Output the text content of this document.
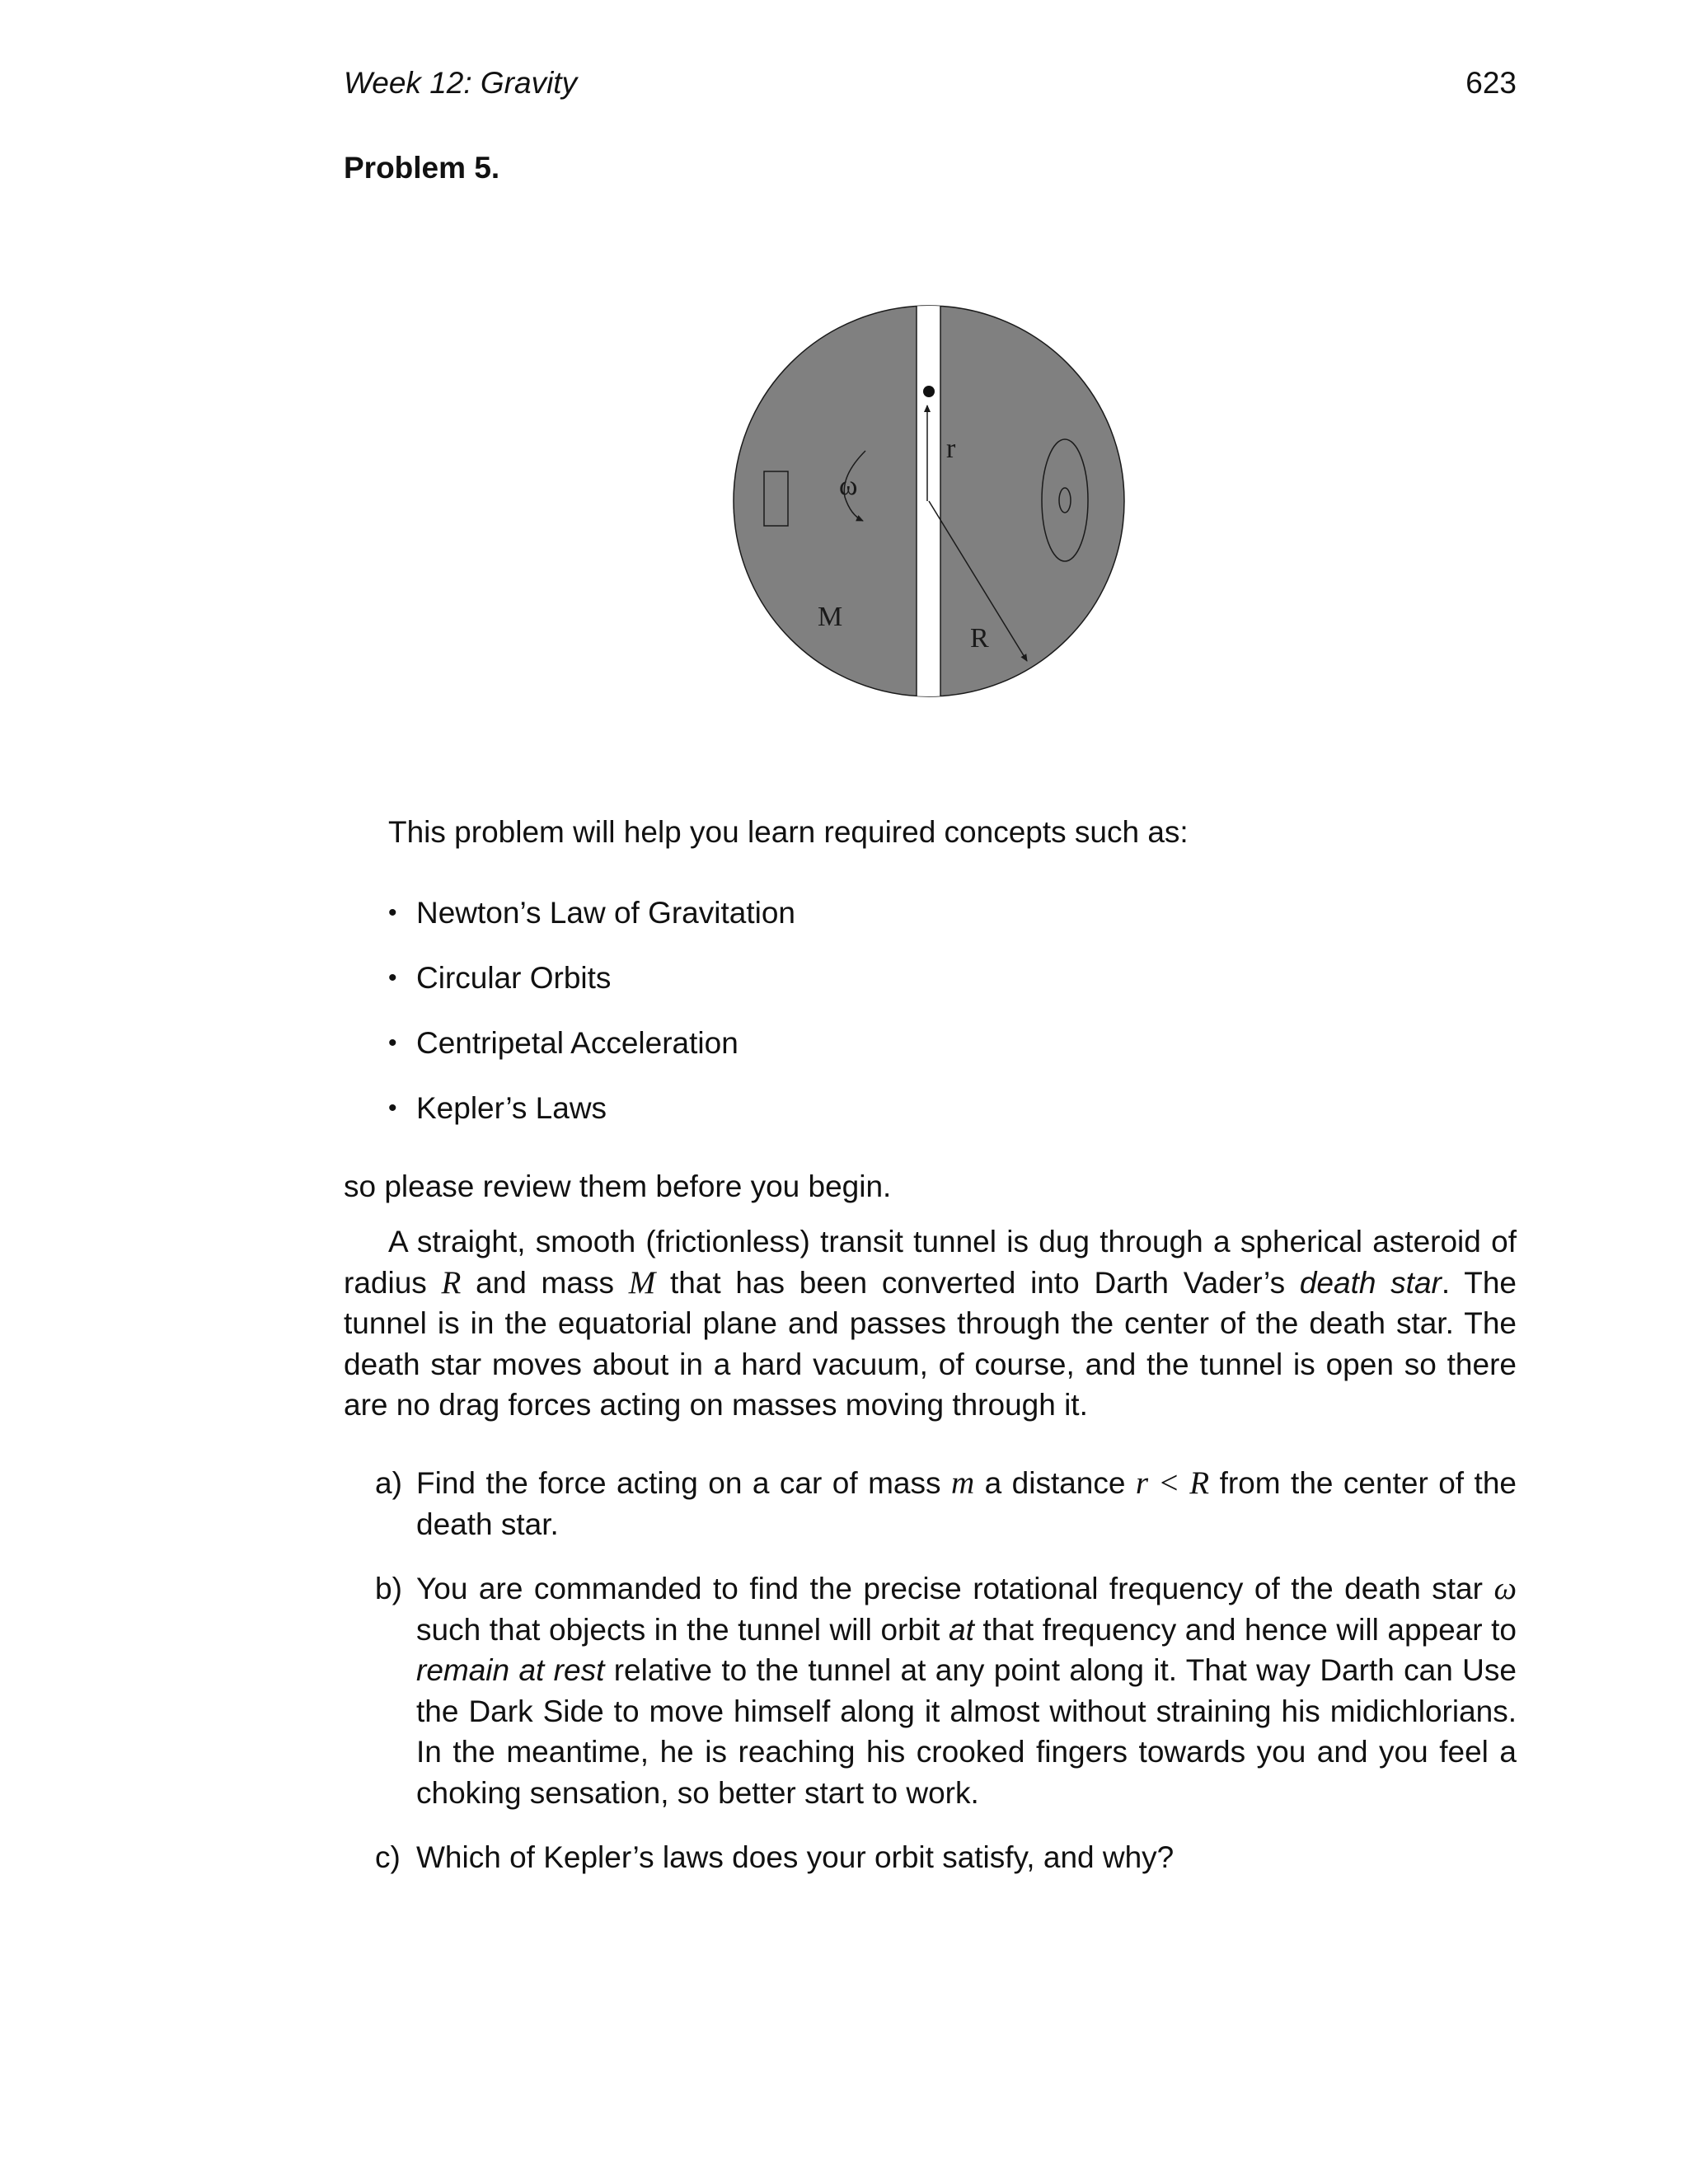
Week 12: Gravity	623
Problem 5.
ω
r
M
R
This problem will help you learn required concepts such as:
• Newton’s Law of Gravitation
• Circular Orbits
• Centripetal Acceleration
• Kepler’s Laws
so please review them before you begin.
A straight, smooth (frictionless) transit tunnel is dug through a spherical asteroid of radius R and mass M that has been converted into Darth Vader’s death star. The tunnel is in the equatorial plane and passes through the center of the death star. The death star moves about in a hard vacuum, of course, and the tunnel is open so there are no drag forces acting on masses moving through it.
a) Find the force acting on a car of mass m a distance r < R from the center of the death star.
b) You are commanded to find the precise rotational frequency of the death star ω such that objects in the tunnel will orbit at that frequency and hence will appear to remain at rest relative to the tunnel at any point along it. That way Darth can Use the Dark Side to move himself along it almost without straining his midichlorians. In the meantime, he is reaching his crooked fingers towards you and you feel a choking sensation, so better start to work.
c) Which of Kepler’s laws does your orbit satisfy, and why?
